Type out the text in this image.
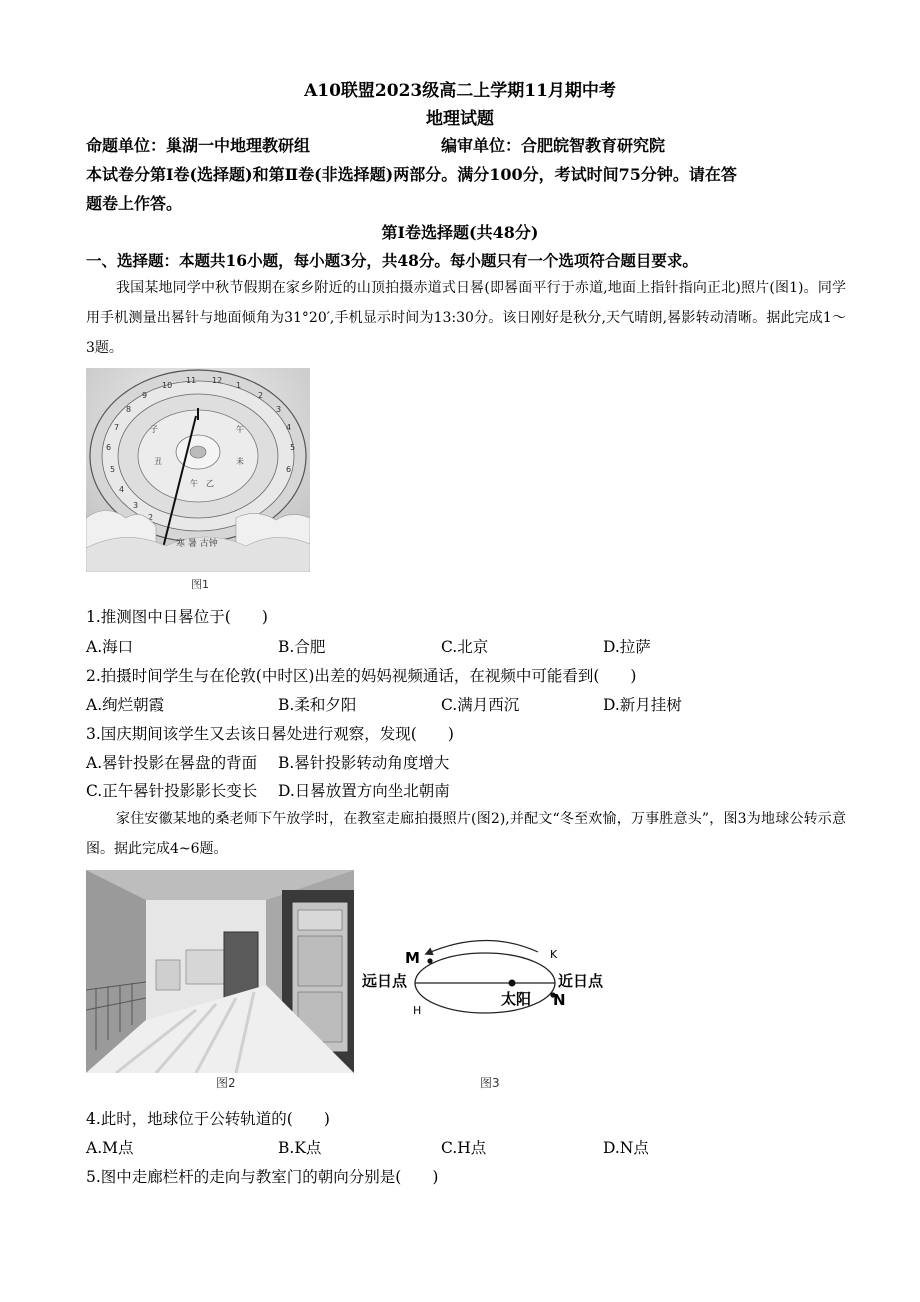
A10联盟2023级高二上学期11月期中考
地理试题
命题单位：巢湖一中地理教研组	编审单位：合肥皖智教育研究院
本试卷分第Ⅰ卷(选择题)和第Ⅱ卷(非选择题)两部分。满分100分，考试时间75分钟。请在答
题卷上作答。
第Ⅰ卷选择题(共48分)
一、选择题：本题共16小题，每小题3分，共48分。每小题只有一个选项符合题目要求。
我国某地同学中秋节假期在家乡附近的山顶拍摄赤道式日晷(即晷面平行于赤道,地面上指针指向正北)照片(图1)。同学用手机测量出晷针与地面倾角为31°20′,手机显示时间为13:30分。该日刚好是秋分,天气晴朗,晷影转动清晰。据此完成1～3题。
6
5
4
3
2
7
8
9
10
11 12
1
2
3
4
5
6
子
丑
午
未
午 乙
寒 暑 古钟
图1
1.推测图中日晷位于(　　)
A.海口	B.合肥	C.北京	D.拉萨
2.拍摄时间学生与在伦敦(中时区)出差的妈妈视频通话，在视频中可能看到(　　)
A.绚烂朝霞	B.柔和夕阳	C.满月西沉	D.新月挂树
3.国庆期间该学生又去该日晷处进行观察，发现(　　)
A.晷针投影在晷盘的背面 B.晷针投影转动角度增大
C.正午晷针投影影长变长 D.日晷放置方向坐北朝南
家住安徽某地的桑老师下午放学时，在教室走廊拍摄照片(图2),并配文“冬至欢愉，万事胜意头”，图3为地球公转示意图。据此完成4~6题。
图2
远日点	近日点
太阳
M	K
H
N
图3
4.此时，地球位于公转轨道的(　　)
A.M点	B.K点	C.H点	D.N点
5.图中走廊栏杆的走向与教室门的朝向分别是(　　)
